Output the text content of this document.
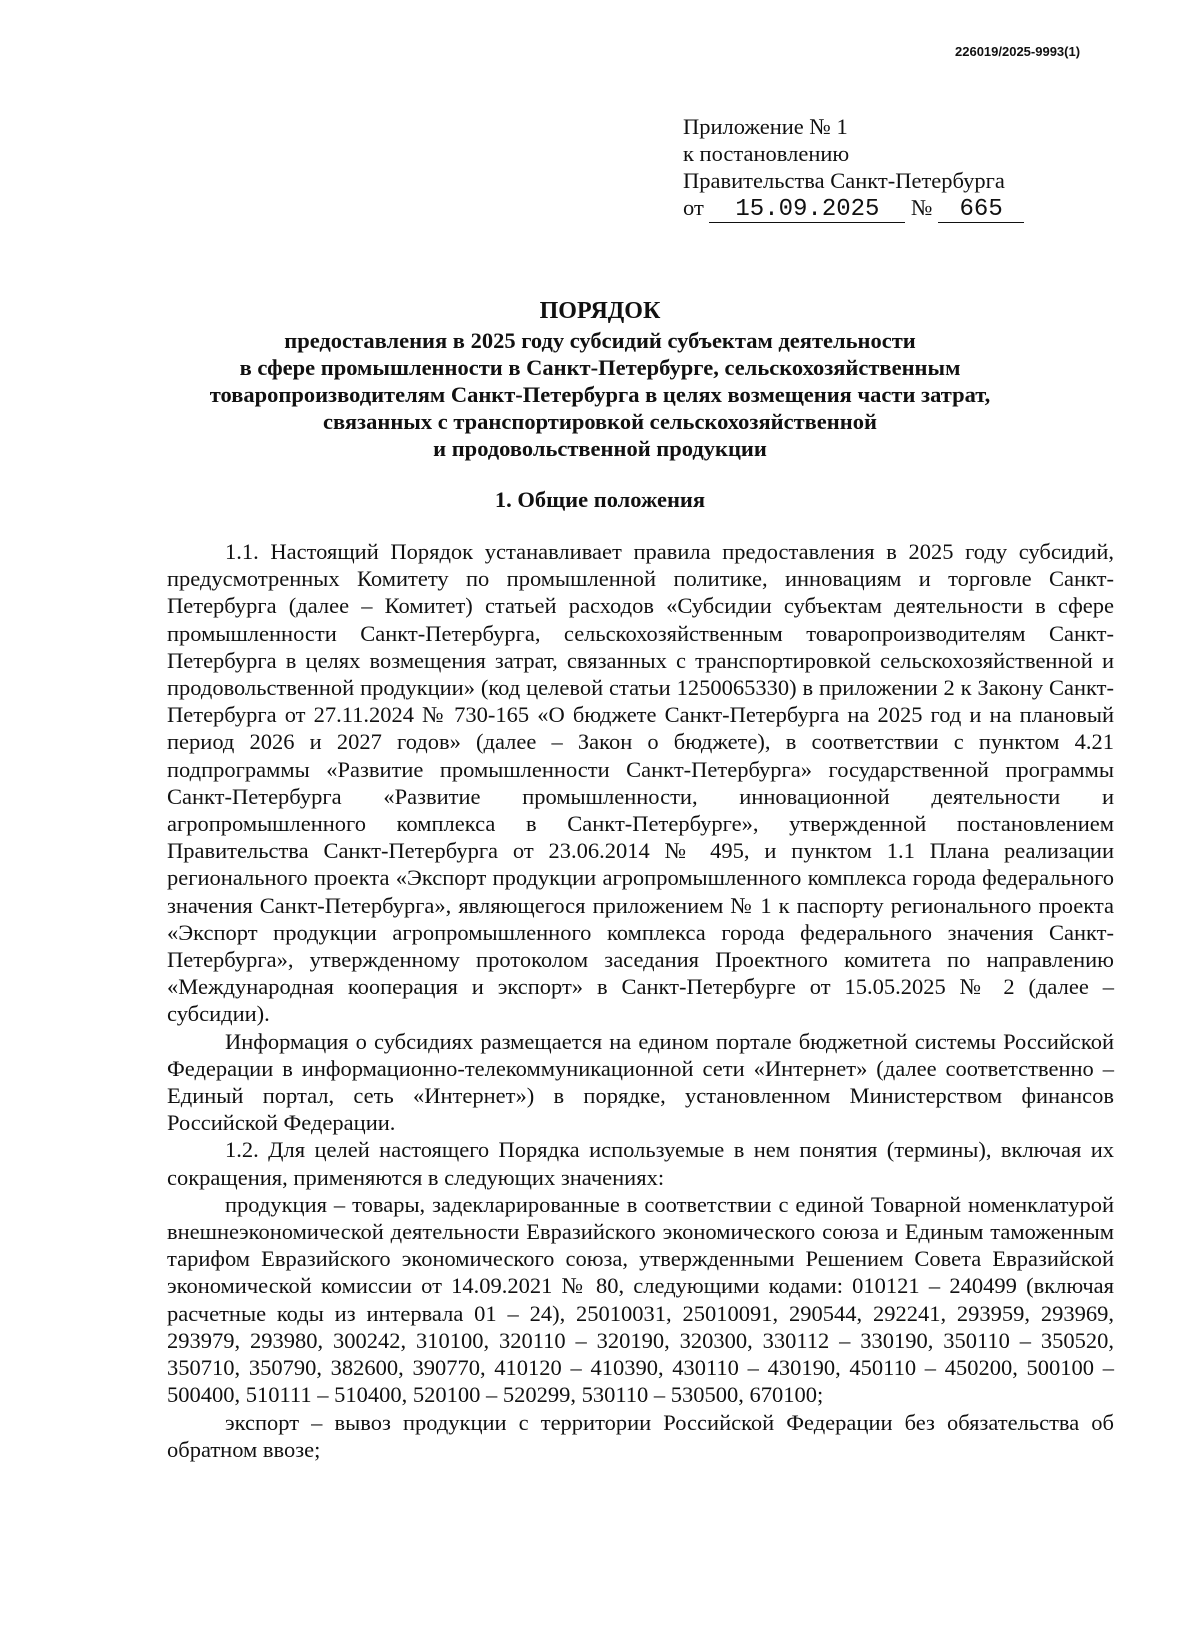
226019/2025-9993(1)
Приложение № 1
к постановлению
Правительства Санкт-Петербурга
от 15.09.2025 № 665
ПОРЯДОК
предоставления в 2025 году субсидий субъектам деятельности
в сфере промышленности в Санкт-Петербурге, сельскохозяйственным
товаропроизводителям Санкт-Петербурга в целях возмещения части затрат,
связанных с транспортировкой сельскохозяйственной
и продовольственной продукции
1. Общие положения

1.1. Настоящий Порядок устанавливает правила предоставления в 2025 году субсидий, предусмотренных Комитету по промышленной политике, инновациям и торговле Санкт-Петербурга (далее – Комитет) статьей расходов «Субсидии субъектам деятельности в сфере промышленности Санкт-Петербурга, сельскохозяйственным товаропроизводителям Санкт-Петербурга в целях возмещения затрат, связанных с транспортировкой сельскохозяйственной и продовольственной продукции» (код целевой статьи 1250065330) в приложении 2 к Закону Санкт-Петербурга от 27.11.2024 № 730-165 «О бюджете Санкт-Петербурга на 2025 год и на плановый период 2026 и 2027 годов» (далее – Закон о бюджете), в соответствии с пунктом 4.21 подпрограммы «Развитие промышленности Санкт-Петербурга» государственной программы Санкт-Петербурга «Развитие промышленности, инновационной деятельности и агропромышленного комплекса в Санкт-Петербурге», утвержденной постановлением Правительства Санкт-Петербурга от 23.06.2014 № 495, и пунктом 1.1 Плана реализации регионального проекта «Экспорт продукции агропромышленного комплекса города федерального значения Санкт-Петербурга», являющегося приложением № 1 к паспорту регионального проекта «Экспорт продукции агропромышленного комплекса города федерального значения Санкт-Петербурга», утвержденному протоколом заседания Проектного комитета по направлению «Международная кооперация и экспорт» в Санкт-Петербурге от 15.05.2025 № 2 (далее – субсидии).

Информация о субсидиях размещается на едином портале бюджетной системы Российской Федерации в информационно-телекоммуникационной сети «Интернет» (далее соответственно – Единый портал, сеть «Интернет») в порядке, установленном Министерством финансов Российской Федерации.

1.2. Для целей настоящего Порядка используемые в нем понятия (термины), включая их сокращения, применяются в следующих значениях:

продукция – товары, задекларированные в соответствии с единой Товарной номенклатурой внешнеэкономической деятельности Евразийского экономического союза и Единым таможенным тарифом Евразийского экономического союза, утвержденными Решением Совета Евразийской экономической комиссии от 14.09.2021 № 80, следующими кодами: 010121 – 240499 (включая расчетные коды из интервала 01 – 24), 25010031, 25010091, 290544, 292241, 293959, 293969, 293979, 293980, 300242, 310100, 320110 – 320190, 320300, 330112 – 330190, 350110 – 350520, 350710, 350790, 382600, 390770, 410120 – 410390, 430110 – 430190, 450110 – 450200, 500100 – 500400, 510111 – 510400, 520100 – 520299, 530110 – 530500, 670100;

экспорт – вывоз продукции с территории Российской Федерации без обязательства об обратном ввозе;
